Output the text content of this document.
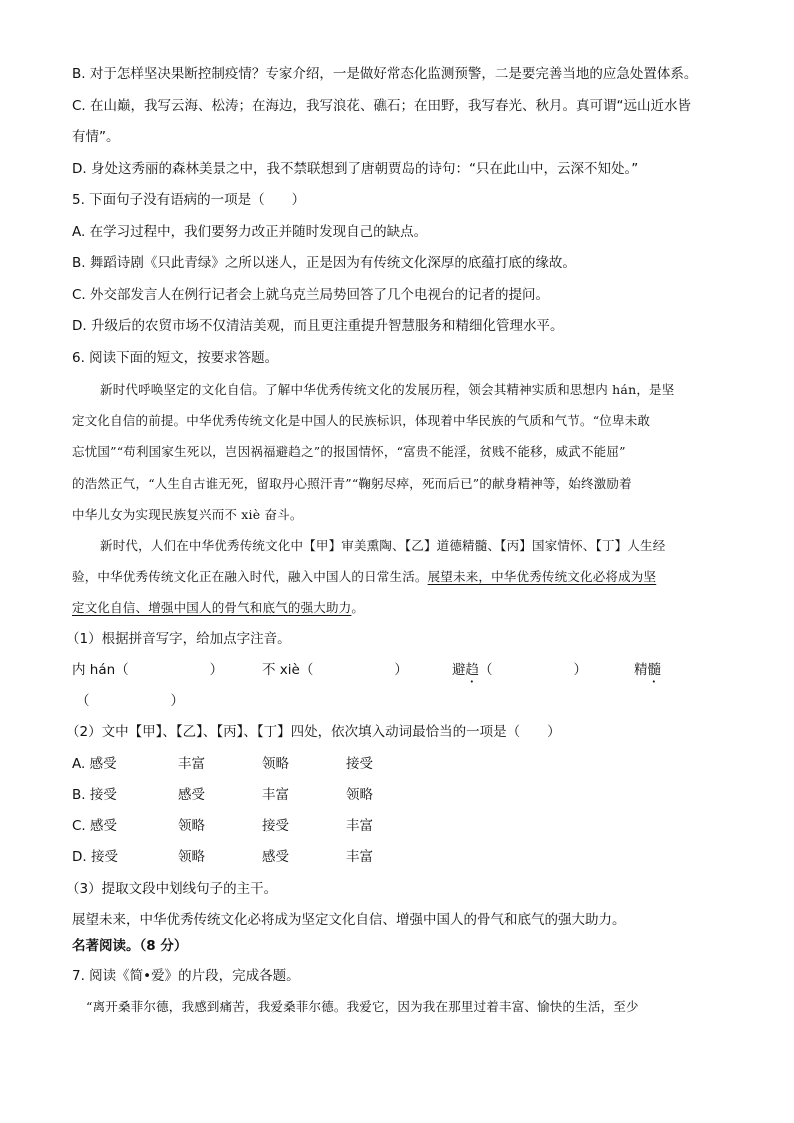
B. 对于怎样坚决果断控制疫情？专家介绍，一是做好常态化监测预警，二是要完善当地的应急处置体系。
C. 在山巅，我写云海、松涛；在海边，我写浪花、礁石；在田野，我写春光、秋月。真可谓“远山近水皆
有情”。
D. 身处这秀丽的森林美景之中，我不禁联想到了唐朝贾岛的诗句：“只在此山中，云深不知处。”
5. 下面句子没有语病的一项是（　　）
A. 在学习过程中，我们要努力改正并随时发现自己的缺点。
B. 舞蹈诗剧《只此青绿》之所以迷人，正是因为有传统文化深厚的底蕴打底的缘故。
C. 外交部发言人在例行记者会上就乌克兰局势回答了几个电视台的记者的提问。
D. 升级后的农贸市场不仅清洁美观，而且更注重提升智慧服务和精细化管理水平。
6. 阅读下面的短文，按要求答题。
新时代呼唤坚定的文化自信。了解中华优秀传统文化的发展历程，领会其精神实质和思想内 hán，是坚
定文化自信的前提。中华优秀传统文化是中国人的民族标识，体现着中华民族的气质和气节。“位卑未敢
忘忧国”“苟利国家生死以，岂因祸福避趋之”的报国情怀，“富贵不能淫，贫贱不能移，威武不能屈”
的浩然正气，“人生自古谁无死，留取丹心照汗青”“鞠躬尽瘁，死而后已”的献身精神等，始终激励着
中华儿女为实现民族复兴而不 xiè 奋斗。
新时代，人们在中华优秀传统文化中【甲】审美熏陶、【乙】道德精髓、【丙】国家情怀、【丁】人生经
验，中华优秀传统文化正在融入时代，融入中国人的日常生活。展望未来，中华优秀传统文化必将成为坚
定文化自信、增强中国人的骨气和底气的强大助力。
（1）根据拼音写字，给加点字注音。
内 hán（　　　　　　）	不 xiè（　　　　　　）	避趋（　　　　　　）	精髓
（　　　　　　）
（2）文中【甲】、【乙】、【丙】、【丁】四处，依次填入动词最恰当的一项是（　　）
A. 感受	丰富	领略	接受
B. 接受	感受	丰富	领略
C. 感受	领略	接受	丰富
D. 接受	领略	感受	丰富
（3）提取文段中划线句子的主干。
展望未来，中华优秀传统文化必将成为坚定文化自信、增强中国人的骨气和底气的强大助力。
名著阅读。（8 分）
7. 阅读《简•爱》的片段，完成各题。
“离开桑菲尔德，我感到痛苦，我爱桑菲尔德。我爱它，因为我在那里过着丰富、愉快的生活，至少
